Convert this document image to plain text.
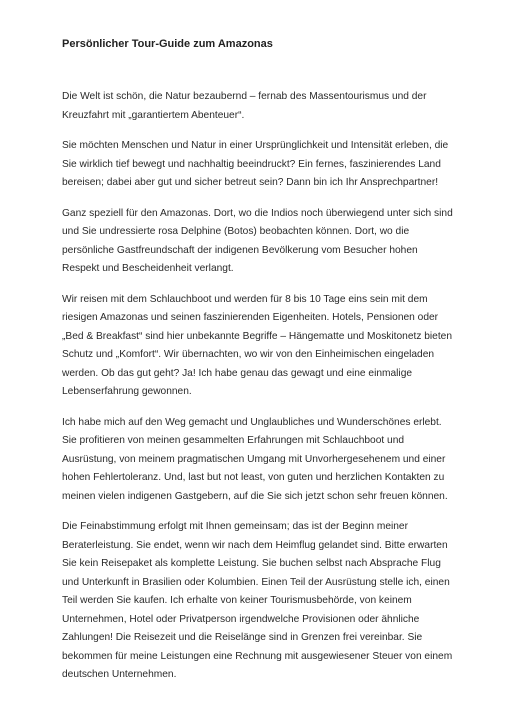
Persönlicher Tour-Guide zum Amazonas

Die Welt ist schön, die Natur bezaubernd – fernab des Massentourismus und der Kreuzfahrt mit „garantiertem Abenteuer“.

Sie möchten Menschen und Natur in einer Ursprünglichkeit und Intensität erleben, die Sie wirklich tief bewegt und nachhaltig beeindruckt? Ein fernes, faszinierendes Land bereisen; dabei aber gut und sicher betreut sein? Dann bin ich Ihr Ansprechpartner!

Ganz speziell für den Amazonas. Dort, wo die Indios noch überwiegend unter sich sind und Sie undressierte rosa Delphine (Botos) beobachten können. Dort, wo die persönliche Gastfreundschaft der indigenen Bevölkerung vom Besucher hohen Respekt und Bescheidenheit verlangt.

Wir reisen mit dem Schlauchboot und werden für 8 bis 10 Tage eins sein mit dem riesigen Amazonas und seinen faszinierenden Eigenheiten. Hotels, Pensionen oder „Bed & Breakfast“ sind hier unbekannte Begriffe – Hängematte und Moskitonetz bieten Schutz und „Komfort“. Wir übernachten, wo wir von den Einheimischen eingeladen werden. Ob das gut geht? Ja! Ich habe genau das gewagt und eine einmalige Lebenserfahrung gewonnen.

Ich habe mich auf den Weg gemacht und Unglaubliches und Wunderschönes erlebt. Sie profitieren von meinen gesammelten Erfahrungen mit Schlauchboot und Ausrüstung, von meinem pragmatischen Umgang mit Unvorhergesehenem und einer hohen Fehlertoleranz. Und, last but not least, von guten und herzlichen Kontakten zu meinen vielen indigenen Gastgebern, auf die Sie sich jetzt schon sehr freuen können.

Die Feinabstimmung erfolgt mit Ihnen gemeinsam; das ist der Beginn meiner Beraterleistung. Sie endet, wenn wir nach dem Heimflug gelandet sind. Bitte erwarten Sie kein Reisepaket als komplette Leistung. Sie buchen selbst nach Absprache Flug und Unterkunft in Brasilien oder Kolumbien. Einen Teil der Ausrüstung stelle ich, einen Teil werden Sie kaufen. Ich erhalte von keiner Tourismusbehörde, von keinem Unternehmen, Hotel oder Privatperson irgendwelche Provisionen oder ähnliche Zahlungen! Die Reisezeit und die Reiselänge sind in Grenzen frei vereinbar. Sie bekommen für meine Leistungen eine Rechnung mit ausgewiesener Steuer von einem deutschen Unternehmen.
